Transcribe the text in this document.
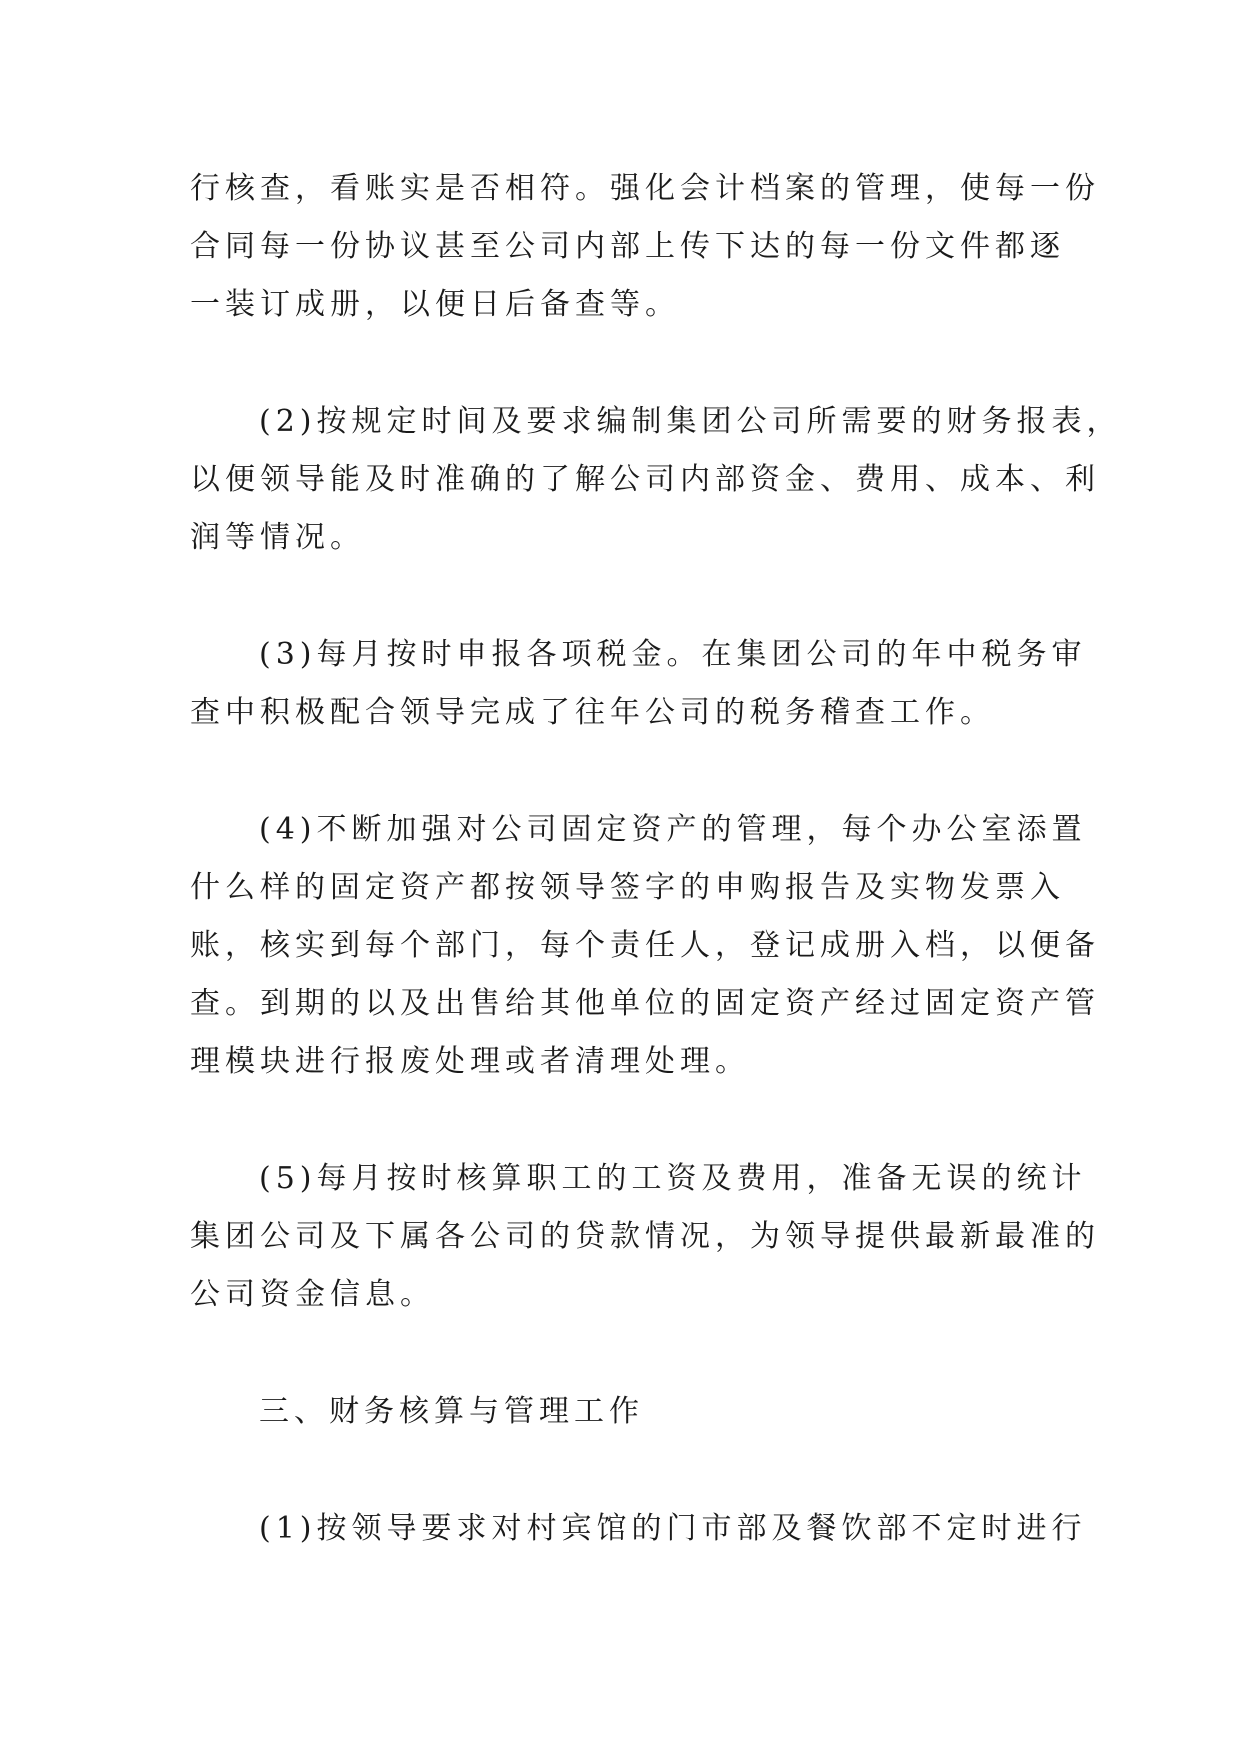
行核查，看账实是否相符。强化会计档案的管理，使每一份
合同每一份协议甚至公司内部上传下达的每一份文件都逐
一装订成册，以便日后备查等。

(2)按规定时间及要求编制集团公司所需要的财务报表，
以便领导能及时准确的了解公司内部资金、费用、成本、利
润等情况。

(3)每月按时申报各项税金。在集团公司的年中税务审
查中积极配合领导完成了往年公司的税务稽查工作。

(4)不断加强对公司固定资产的管理，每个办公室添置
什么样的固定资产都按领导签字的申购报告及实物发票入
账，核实到每个部门，每个责任人，登记成册入档，以便备
查。到期的以及出售给其他单位的固定资产经过固定资产管
理模块进行报废处理或者清理处理。

(5)每月按时核算职工的工资及费用，准备无误的统计
集团公司及下属各公司的贷款情况，为领导提供最新最准的
公司资金信息。

三、财务核算与管理工作

(1)按领导要求对村宾馆的门市部及餐饮部不定时进行
